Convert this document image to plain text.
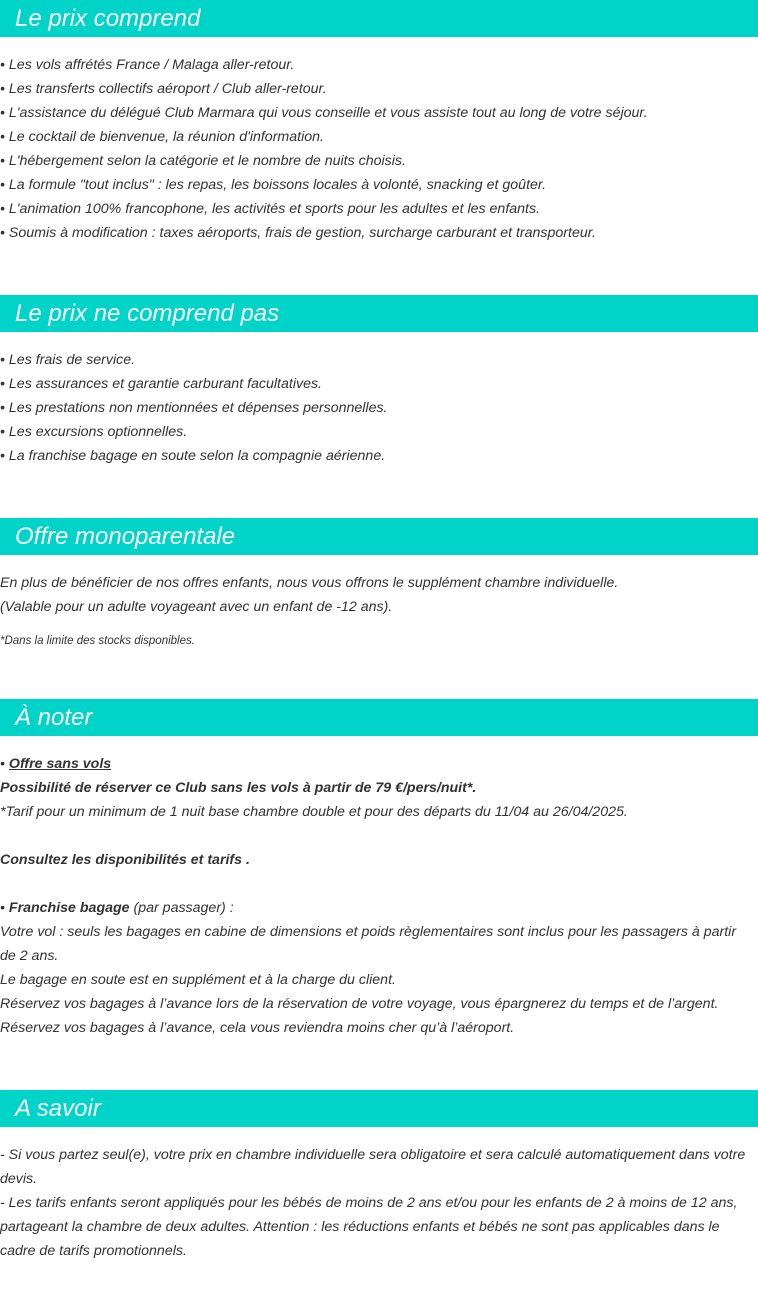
Le prix comprend
• Les vols affrétés France / Malaga aller-retour.
• Les transferts collectifs aéroport / Club aller-retour.
• L'assistance du délégué Club Marmara qui vous conseille et vous assiste tout au long de votre séjour.
• Le cocktail de bienvenue, la réunion d'information.
• L'hébergement selon la catégorie et le nombre de nuits choisis.
• La formule "tout inclus" : les repas, les boissons locales à volonté, snacking et goûter.
• L'animation 100% francophone, les activités et sports pour les adultes et les enfants.
• Soumis à modification : taxes aéroports, frais de gestion, surcharge carburant et transporteur.
Le prix ne comprend pas
• Les frais de service.
• Les assurances et garantie carburant facultatives.
• Les prestations non mentionnées et dépenses personnelles.
• Les excursions optionnelles.
• La franchise bagage en soute selon la compagnie aérienne.
Offre monoparentale
En plus de bénéficier de nos offres enfants, nous vous offrons le supplément chambre individuelle.
(Valable pour un adulte voyageant avec un enfant de -12 ans).
*Dans la limite des stocks disponibles.
À noter
• Offre sans vols
Possibilité de réserver ce Club sans les vols à partir de 79 €/pers/nuit*.
*Tarif pour un minimum de 1 nuit base chambre double et pour des départs du 11/04 au 26/04/2025.
Consultez les disponibilités et tarifs .
• Franchise bagage (par passager) :
Votre vol : seuls les bagages en cabine de dimensions et poids règlementaires sont inclus pour les passagers à partir de 2 ans.
Le bagage en soute est en supplément et à la charge du client.
Réservez vos bagages à l’avance lors de la réservation de votre voyage, vous épargnerez du temps et de l’argent.
Réservez vos bagages à l’avance, cela vous reviendra moins cher qu’à l’aéroport.
A savoir
- Si vous partez seul(e), votre prix en chambre individuelle sera obligatoire et sera calculé automatiquement dans votre devis.
- Les tarifs enfants seront appliqués pour les bébés de moins de 2 ans et/ou pour les enfants de 2 à moins de 12 ans, partageant la chambre de deux adultes. Attention : les réductions enfants et bébés ne sont pas applicables dans le cadre de tarifs promotionnels.
